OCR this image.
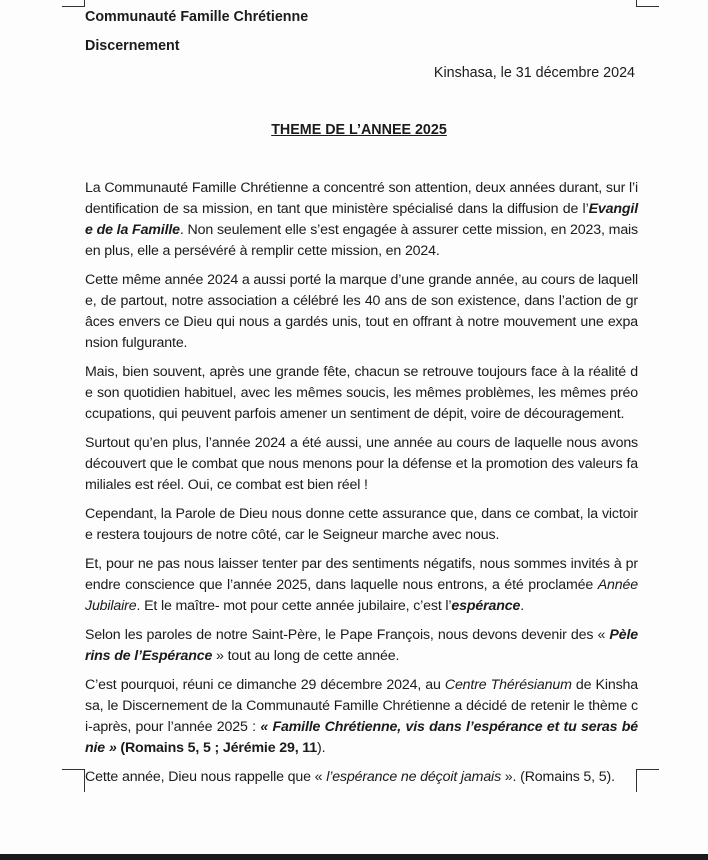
Communauté Famille Chrétienne

Discernement

Kinshasa, le 31 décembre 2024

THEME DE L’ANNEE 2025

La Communauté Famille Chrétienne a concentré son attention, deux années durant, sur l’identification de sa mission, en tant que ministère spécialisé dans la diffusion de l’Evangile de la Famille. Non seulement elle s’est engagée à assurer cette mission, en 2023, mais en plus, elle a persévéré à remplir cette mission, en 2024.

Cette même année 2024 a aussi porté la marque d’une grande année, au cours de laquelle, de partout, notre association a célébré les 40 ans de son existence, dans l’action de grâces envers ce Dieu qui nous a gardés unis, tout en offrant à notre mouvement une expansion fulgurante.

Mais, bien souvent, après une grande fête, chacun se retrouve toujours face à la réalité de son quotidien habituel, avec les mêmes soucis, les mêmes problèmes, les mêmes préoccupations, qui peuvent parfois amener un sentiment de dépit, voire de découragement.

Surtout qu’en plus, l’année 2024 a été aussi, une année au cours de laquelle nous avons découvert que le combat que nous menons pour la défense et la promotion des valeurs familiales est réel. Oui, ce combat est bien réel !

Cependant, la Parole de Dieu nous donne cette assurance que, dans ce combat, la victoire restera toujours de notre côté, car le Seigneur marche avec nous.

Et, pour ne pas nous laisser tenter par des sentiments négatifs, nous sommes invités à prendre conscience que l’année 2025, dans laquelle nous entrons, a été proclamée Année Jubilaire. Et le maître- mot pour cette année jubilaire, c’est l’espérance.

Selon les paroles de notre Saint-Père, le Pape François, nous devons devenir des « Pèlerins de l’Espérance » tout au long de cette année.

C’est pourquoi, réuni ce dimanche 29 décembre 2024, au Centre Thérésianum de Kinshasa, le Discernement de la Communauté Famille Chrétienne a décidé de retenir le thème ci-après, pour l’année 2025 : « Famille Chrétienne, vis dans l’espérance et tu seras bénie » (Romains 5, 5 ; Jérémie 29, 11).

Cette année, Dieu nous rappelle que « l’espérance ne déçoit jamais ». (Romains 5, 5).
